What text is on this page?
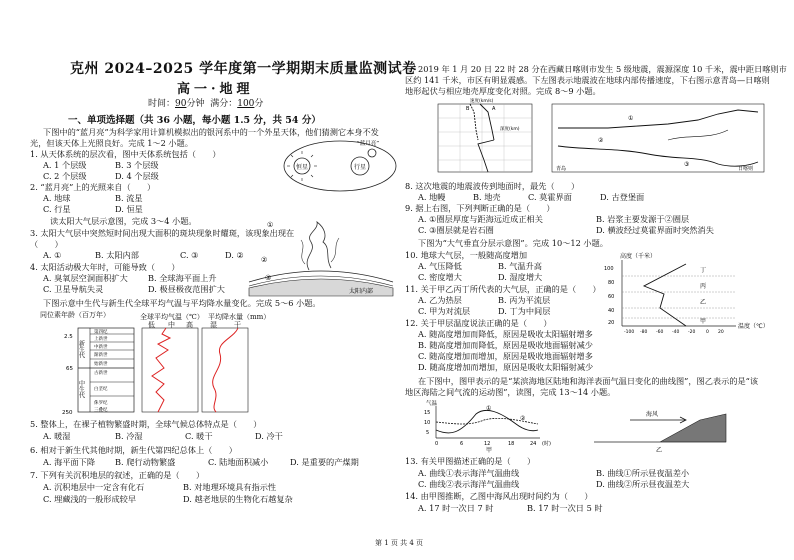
克州 2024–2025 学年度第一学期期末质量监测试卷
高一·地理
时间：90分钟 满分：100分
一、单项选择题（共 36 小题，每小题 1.5 分，共 54 分）
下图中的“蓝月亮”为科学家用计算机模拟出的银河系中的一个外星天体，他们猜测它本身不发
光，但该天体上光照良好。完成 1～2 小题。
1. 从天体系统的层次看，图中天体系统包括（　　）
A. 1 个层级	B. 3 个层级
C. 2 个层级	D. 4 个层级
2. “蓝月亮”上的光照来自（　　）
A. 地球	B. 流星
C. 行星	D. 恒星
读太阳大气层示意图，完成 3～4 小题。
3. 太阳大气层中突然短时间出现大面积的斑块现象时耀斑，该现象出现在
（　　）
A. ①	B. 太阳内部	C. ③	D. ②
4. 太阳活动极大年时，可能导致（　　）
A. 臭氧层空洞面积扩大 B. 全球海平面上升
C. 卫星导航失灵	D. 极昼极夜范围扩大
下图示意中生代与新生代全球平均气温与平均降水量变化。完成 5～6 小题。
5. 整体上，在裸子植物繁盛时期，全球气候总体特点是（　　）
A. 暖湿	B. 冷湿	C. 暖干	D. 冷干
6. 相对于新生代其他时期，新生代第四纪总体上（　　）
A. 海平面下降 B. 爬行动物繁盛	C. 陆地面积减小	D. 是重要的产煤期
7. 下列有关沉积地层的叙述，正确的是（　　）
A. 沉积地层中一定含有化石	B. 对地理环境具有指示性
C. 埋藏浅的一般形成较早	D. 越老地层的生物化石越复杂
恒星	行星
“蓝月亮”
①
②
③
太阳内部
同位素年龄（百万年）	全球平均气温（℃） 平均降水量（mm）
低 中 高 湿 干
新生代
中生代
第四纪
上新世
中新世
渐新世
始新世
古新世
白垩纪
侏罗纪
三叠纪
2.5
65
250
2019 年 1 月 20 日 22 时 28 分在西藏日喀则市发生 5 级地震，震源深度 10 千米，震中距日喀则市
区约 141 千米，市区有明显震感。下左图表示地震波在地球内部传播速度，下右图示意青岛—日喀则
地形起伏与相应地壳厚度变化对照。完成 8～9 小题。
A
B
速度(km/s)
深度(km)
青岛	日喀则
①
②
③
8. 这次地震的地震波传到地面时，最先（　　）
A. 地幔	B. 地壳	C. 莫霍界面	D. 古登堡面
9. 据上右图，下列判断正确的是（　　）
A. ①圈层厚度与距海远近成正相关	B. 岩浆主要发源于②圈层
C. ③圈层就是岩石圈	D. 横波经过莫霍界面时突然消失
下图为“大气垂直分层示意图”。完成 10～12 小题。
10. 地球大气层，一般随高度增加
A. 气压降低	B. 气温升高
C. 密度增大	D. 湿度增大
11. 关于甲乙丙丁所代表的大气层，正确的是（　　）
A. 乙为热层	B. 丙为平流层
C. 甲为对流层	D. 丁为中间层
12. 关于甲层温度说法正确的是（　　）
A. 随高度增加而降低，原因是吸收太阳辐射增多
B. 随高度增加而降低，原因是吸收地面辐射减少
C. 随高度增加而增加，原因是吸收地面辐射增多
D. 随高度增加而增加，原因是吸收太阳辐射减少
高度（千米）
100
80
60
40
20
丁
丙
乙
甲
温度（℃）
-100 -80 -60 -40 -20 0 20
在下图中，图甲表示的是“某滨海地区陆地和海洋表面气温日变化的曲线图”，图乙表示的是“该
地区海陆之间气流的运动图”，读图，完成 13～14 小题。
气温
15
10
5
①
②
0	6	12	18	24 (时)
甲
海风
乙
13. 有关甲图描述正确的是（　　）
A. 曲线①表示海洋气温曲线	B. 曲线①所示昼夜温差小
C. 曲线②表示海洋气温曲线	D. 曲线②所示昼夜温差大
14. 由甲图推断，乙图中海风出现时间约为（　　）
A. 17 时一次日 7 时	B. 17 时一次日 5 时
第 1 页 共 4 页
